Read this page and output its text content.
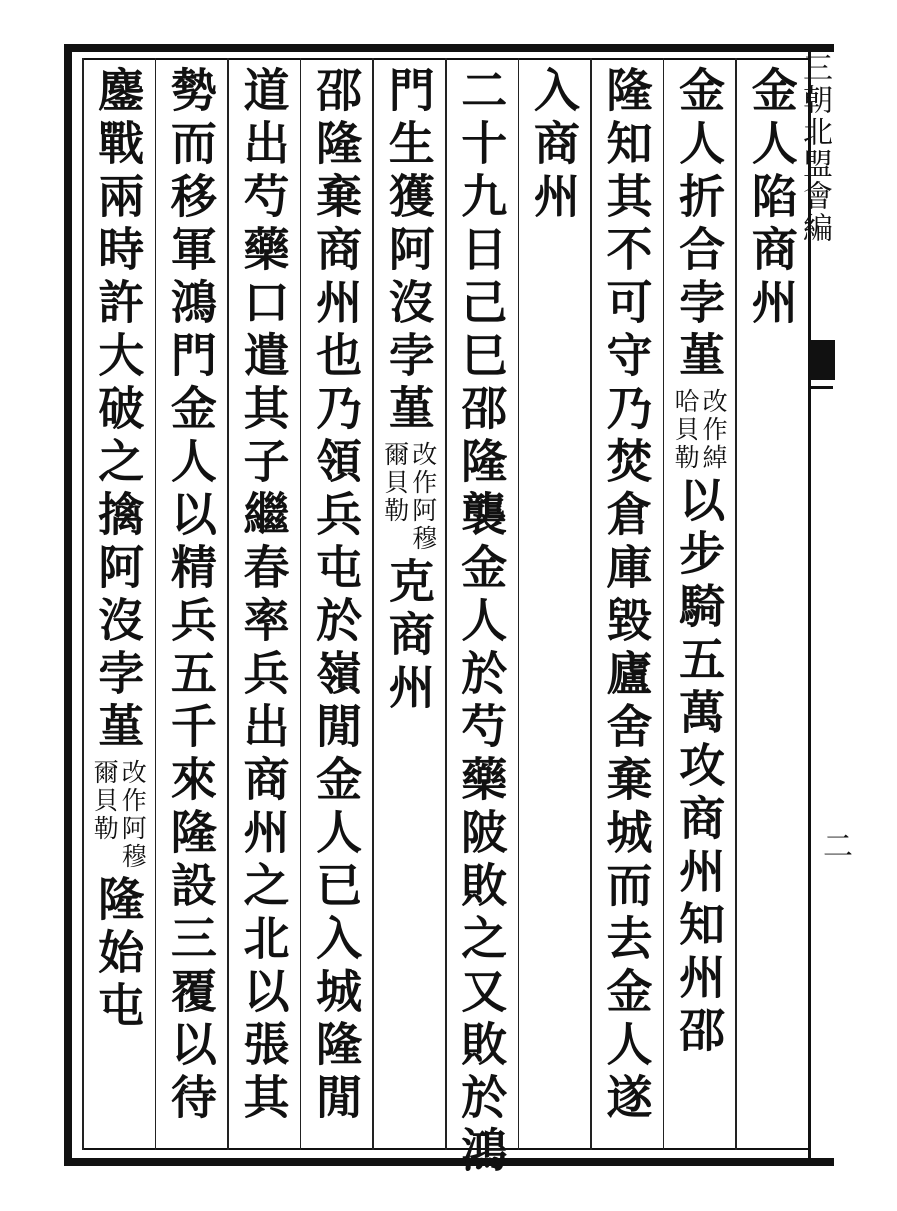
三朝北盟會編
二
金人陷商州
金人折合孛堇
改作綽
哈貝勒
以步騎五萬攻商州知州邵
隆知其不可守乃焚倉庫毀廬舍棄城而去金人遂
入商州
二十九日己巳邵隆襲金人於芍藥陂敗之又敗於鴻
門生獲阿沒孛堇
改作阿穆
爾貝勒
克商州
邵隆棄商州也乃領兵屯於嶺閒金人已入城隆閒
道出芍藥口遣其子繼春率兵出商州之北以張其
勢而移軍鴻門金人以精兵五千來隆設三覆以待
鏖戰兩時許大破之擒阿沒孛堇
改作阿穆
爾貝勒
隆始屯
